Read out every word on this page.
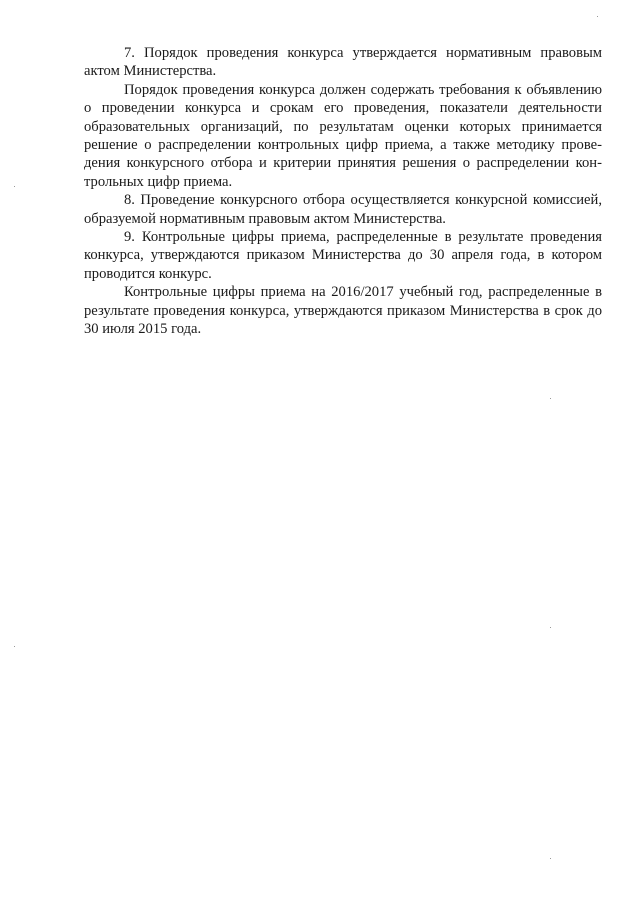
7. Порядок проведения конкурса утверждается нормативным правовым актом Министерства.

Порядок проведения конкурса должен содержать требования к объявлению о проведении конкурса и срокам его проведения, показатели деятельности образовательных организаций, по результатам оценки которых принимается решение о распределении контрольных цифр приема, а также методику проведения конкурсного отбора и критерии принятия решения о распределении контрольных цифр приема.

8. Проведение конкурсного отбора осуществляется конкурсной комиссией, образуемой нормативным правовым актом Министерства.

9. Контрольные цифры приема, распределенные в результате проведения конкурса, утверждаются приказом Министерства до 30 апреля года, в котором проводится конкурс.

Контрольные цифры приема на 2016/2017 учебный год, распределенные в результате проведения конкурса, утверждаются приказом Министерства в срок до 30 июля 2015 года.
